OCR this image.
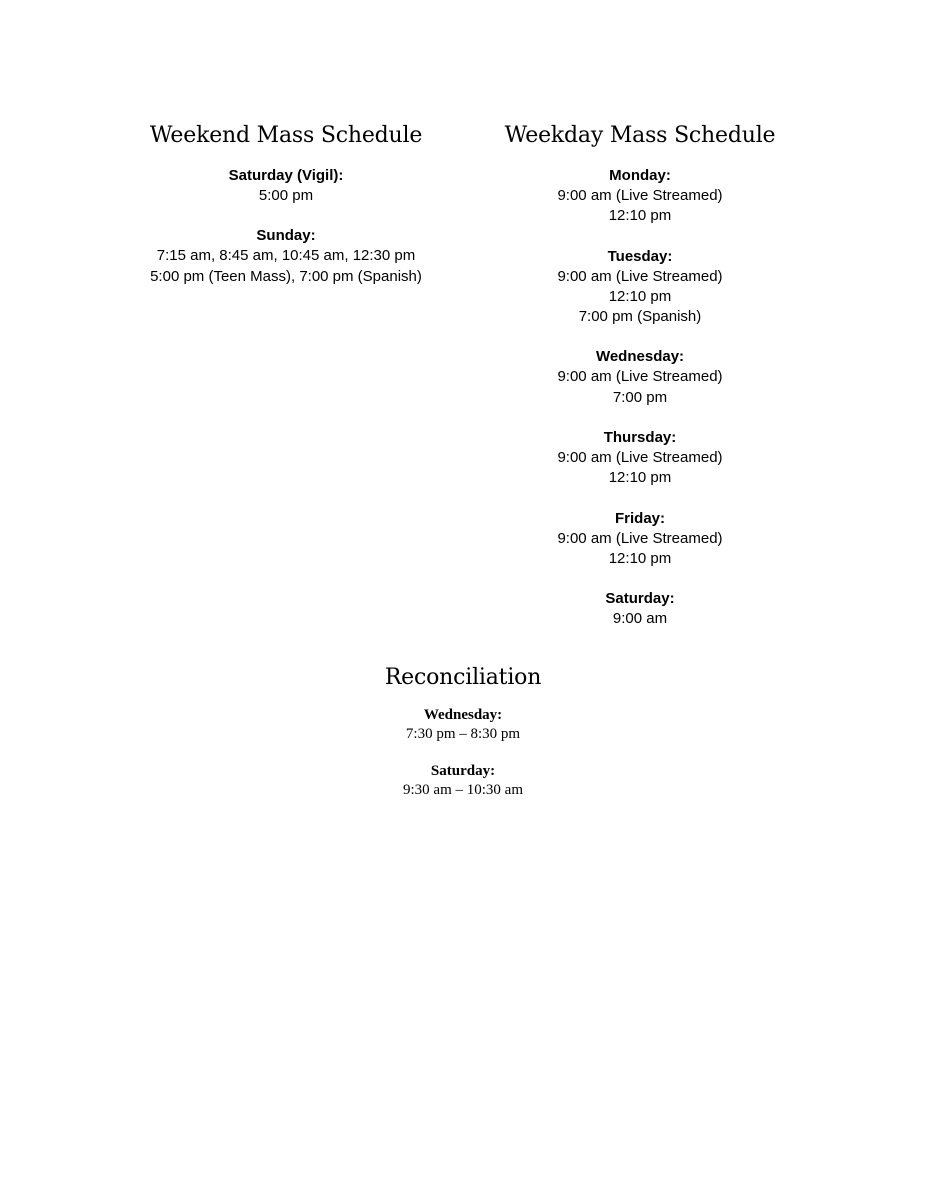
Weekend Mass Schedule
Saturday (Vigil):
5:00 pm
Sunday:
7:15 am, 8:45 am, 10:45 am, 12:30 pm
5:00 pm (Teen Mass), 7:00 pm (Spanish)
Weekday Mass Schedule
Monday:
9:00 am (Live Streamed)
12:10 pm
Tuesday:
9:00 am (Live Streamed)
12:10 pm
7:00 pm (Spanish)
Wednesday:
9:00 am (Live Streamed)
7:00 pm
Thursday:
9:00 am (Live Streamed)
12:10 pm
Friday:
9:00 am (Live Streamed)
12:10 pm
Saturday:
9:00 am
Reconciliation
Wednesday:
7:30 pm – 8:30 pm
Saturday:
9:30 am – 10:30 am
